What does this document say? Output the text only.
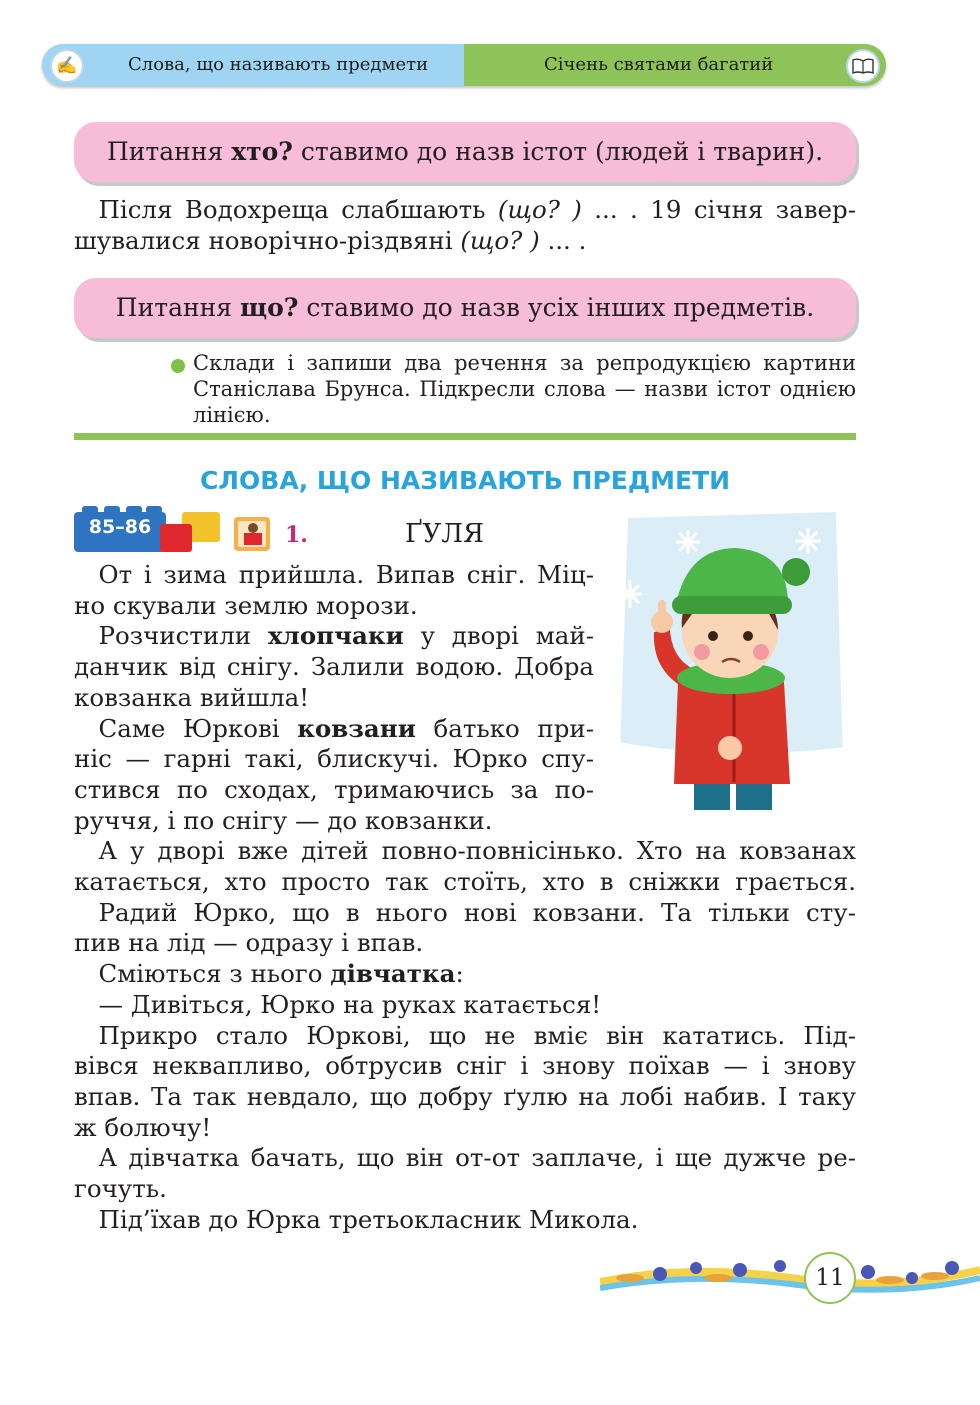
✍	Слова, що називають предмети	Січень святами багатий
Питання хто? ставимо до назв істот (людей і тварин).
 Після Водохреща слабшають (що? ) ... . 19 січня завер-
шувалися новорічно-різдвяні (що? ) ... .
Питання що? ставимо до назв усіх інших предметів.
Склади і запиши два речення за репродукцією картини
Станіслава Брунса. Підкресли слова — назви істот однією
лінією.
СЛОВА, ЩО НАЗИВАЮТЬ ПРЕДМЕТИ
85–86	1.	ҐУЛЯ
 От і зима прийшла. Випав сніг. Міц-
но скували землю морози.
 Розчистили хлопчаки у дворі май-
данчик від снігу. Залили водою. Добра
ковзанка вийшла!
 Саме Юркові ковзани батько при-
ніс — гарні такі, блискучі. Юрко спу-
стився по сходах, тримаючись за по-
руччя, і по снігу — до ковзанки.
 А у дворі вже дітей повно-повнісінько. Хто на ковзанах
катається, хто просто так стоїть, хто в сніжки грається.
 Радий Юрко, що в нього нові ковзани. Та тільки сту-
пив на лід — одразу і впав.
 Сміються з нього дівчатка:
 — Дивіться, Юрко на руках катається!
 Прикро стало Юркові, що не вміє він кататись. Під-
вівся неквапливо, обтрусив сніг і знову поїхав — і знову
впав. Та так невдало, що добру ґулю на лобі набив. І таку
ж болючу!
 А дівчатка бачать, що він от-от заплаче, і ще дужче ре-
гочуть.
 Під’їхав до Юрка третьокласник Микола.
11
